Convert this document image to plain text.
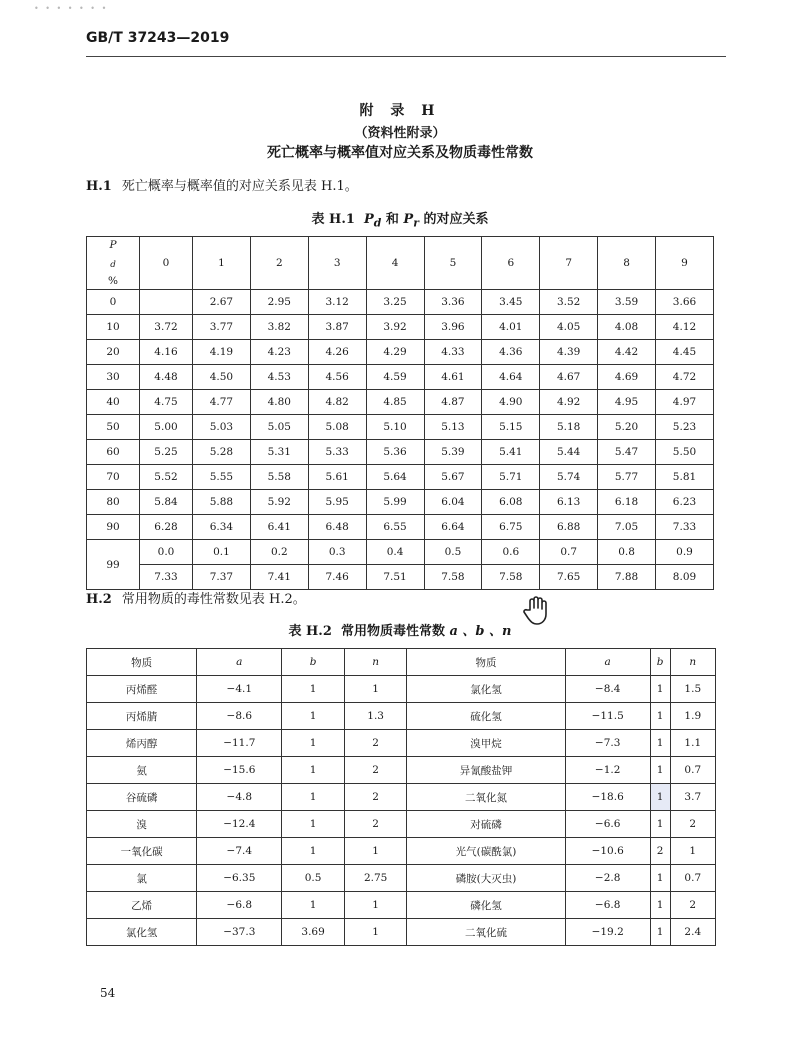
• • • • • • •
GB/T 37243—2019
附 录 H
（资料性附录）
死亡概率与概率值对应关系及物质毒性常数
H.1 死亡概率与概率值的对应关系见表 H.1。
表 H.1 $P_d$ 和 $P_r$ 的对应关系
P
$_d$
%	0	1	2	3	4	5	6	7	8	9
0		2.67	2.95	3.12	3.25	3.36	3.45	3.52	3.59	3.66
10	3.72	3.77	3.82	3.87	3.92	3.96	4.01	4.05	4.08	4.12
20	4.16	4.19	4.23	4.26	4.29	4.33	4.36	4.39	4.42	4.45
30	4.48	4.50	4.53	4.56	4.59	4.61	4.64	4.67	4.69	4.72
40	4.75	4.77	4.80	4.82	4.85	4.87	4.90	4.92	4.95	4.97
50	5.00	5.03	5.05	5.08	5.10	5.13	5.15	5.18	5.20	5.23
60	5.25	5.28	5.31	5.33	5.36	5.39	5.41	5.44	5.47	5.50
70	5.52	5.55	5.58	5.61	5.64	5.67	5.71	5.74	5.77	5.81
80	5.84	5.88	5.92	5.95	5.99	6.04	6.08	6.13	6.18	6.23
90	6.28	6.34	6.41	6.48	6.55	6.64	6.75	6.88	7.05	7.33
99	0.0	0.1	0.2	0.3	0.4	0.5	0.6	0.7	0.8	0.9
	7.33	7.37	7.41	7.46	7.51	7.58	7.58	7.65	7.88	8.09
H.2 常用物质的毒性常数见表 H.2。
表 H.2 常用物质毒性常数 a 、b 、n
物质	a	b	n	物质	a	b	n
丙烯醛	−4.1	1	1	氯化氢	−8.4	1	1.5
丙烯腈	−8.6	1	1.3	硫化氢	−11.5	1	1.9
烯丙醇	−11.7	1	2	溴甲烷	−7.3	1	1.1
氨	−15.6	1	2	异氰酸盐钾	−1.2	1	0.7
谷硫磷	−4.8	1	2	二氧化氮	−18.6	1	3.7
溴	−12.4	1	2	对硫磷	−6.6	1	2
一氧化碳	−7.4	1	1	光气(碳酰氯)	−10.6	2	1
氯	−6.35	0.5	2.75	磷胺(大灭虫)	−2.8	1	0.7
乙烯	−6.8	1	1	磷化氢	−6.8	1	2
氯化氢	−37.3	3.69	1	二氧化硫	−19.2	1	2.4
54
